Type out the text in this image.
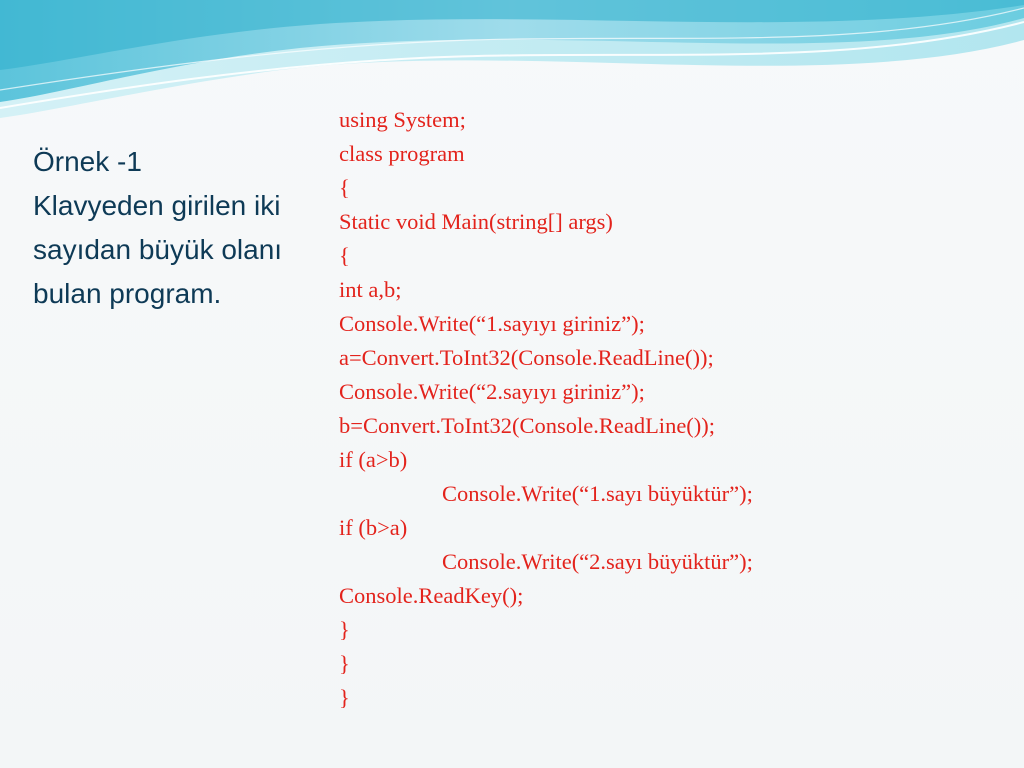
Örnek -1
Klavyeden girilen iki sayıdan büyük olanı bulan program.
using System;
class program
{
Static void Main(string[] args)
{
int a,b;
Console.Write(“1.sayıyı giriniz”);
a=Convert.ToInt32(Console.ReadLine());
Console.Write(“2.sayıyı giriniz”);
b=Convert.ToInt32(Console.ReadLine());
if (a>b)
Console.Write(“1.sayı büyüktür”);
if (b>a)
Console.Write(“2.sayı büyüktür”);
Console.ReadKey();
}
}
}
